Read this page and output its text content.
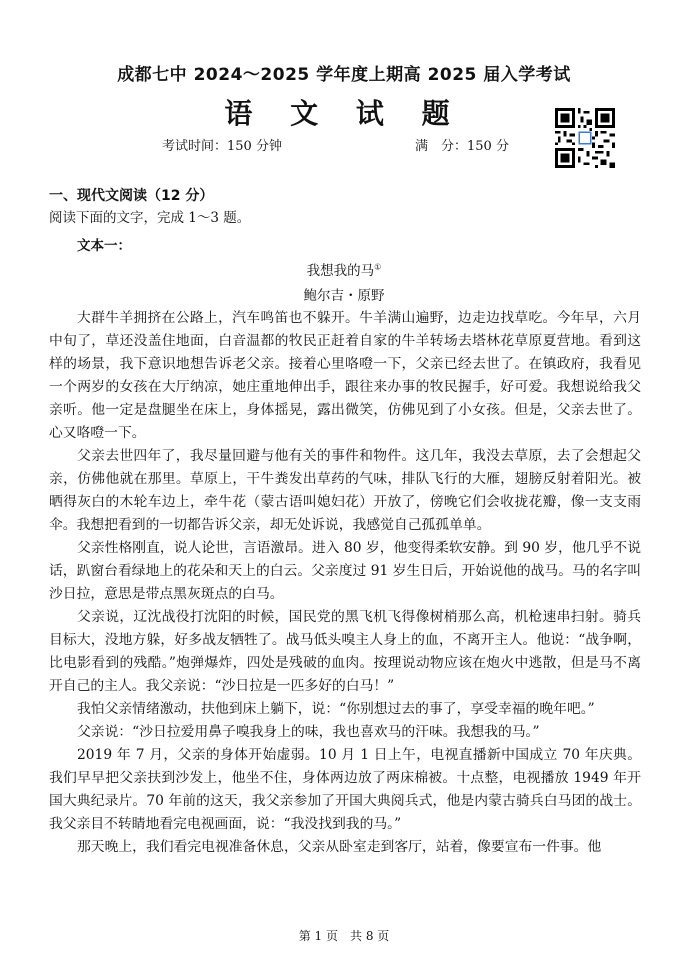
成都七中 2024～2025 学年度上期高 2025 届入学考试
语 文 试 题
考试时间：150 分钟	满　分：150 分
一、现代文阅读（12 分）
阅读下面的文字，完成 1～3 题。
文本一：
我想我的马①
鲍尔吉・原野

大群牛羊拥挤在公路上，汽车鸣笛也不躲开。牛羊满山遍野，边走边找草吃。今年早，六月中旬了，草还没盖住地面，白音温都的牧民正赶着自家的牛羊转场去塔林花草原夏营地。看到这样的场景，我下意识地想告诉老父亲。接着心里咯噔一下，父亲已经去世了。在镇政府，我看见一个两岁的女孩在大厅纳凉，她庄重地伸出手，跟往来办事的牧民握手，好可爱。我想说给我父亲听。他一定是盘腿坐在床上，身体摇晃，露出微笑，仿佛见到了小女孩。但是，父亲去世了。心又咯噔一下。

父亲去世四年了，我尽量回避与他有关的事件和物件。这几年，我没去草原，去了会想起父亲，仿佛他就在那里。草原上，干牛粪发出草药的气味，排队飞行的大雁，翅膀反射着阳光。被晒得灰白的木轮车边上，牵牛花（蒙古语叫媳妇花）开放了，傍晚它们会收拢花瓣，像一支支雨伞。我想把看到的一切都告诉父亲，却无处诉说，我感觉自己孤孤单单。

父亲性格刚直，说人论世，言语激昂。进入 80 岁，他变得柔软安静。到 90 岁，他几乎不说话，趴窗台看绿地上的花朵和天上的白云。父亲度过 91 岁生日后，开始说他的战马。马的名字叫沙日拉，意思是带点黑灰斑点的白马。

父亲说，辽沈战役打沈阳的时候，国民党的黑飞机飞得像树梢那么高，机枪速串扫射。骑兵目标大，没地方躲，好多战友牺牲了。战马低头嗅主人身上的血，不离开主人。他说：“战争啊，比电影看到的残酷。”炮弹爆炸，四处是残破的血肉。按理说动物应该在炮火中逃散，但是马不离开自己的主人。我父亲说：“沙日拉是一匹多好的白马！”

我怕父亲情绪激动，扶他到床上躺下，说：“你别想过去的事了，享受幸福的晚年吧。”

父亲说：“沙日拉爱用鼻子嗅我身上的味，我也喜欢马的汗味。我想我的马。”

2019 年 7 月，父亲的身体开始虚弱。10 月 1 日上午，电视直播新中国成立 70 年庆典。我们早早把父亲扶到沙发上，他坐不住，身体两边放了两床棉被。十点整，电视播放 1949 年开国大典纪录片。70 年前的这天，我父亲参加了开国大典阅兵式，他是内蒙古骑兵白马团的战士。我父亲目不转睛地看完电视画面，说：“我没找到我的马。”

那天晚上，我们看完电视准备休息，父亲从卧室走到客厅，站着，像要宣布一件事。他

第 1 页　共 8 页
